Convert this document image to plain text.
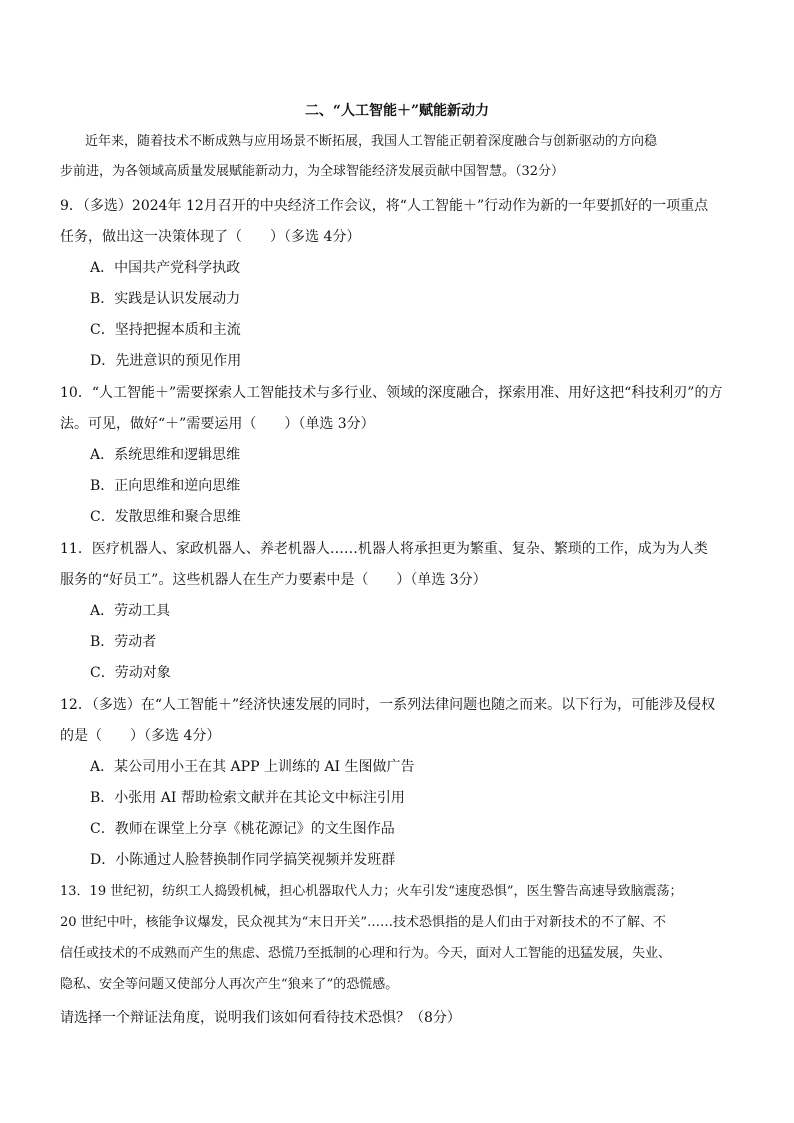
二、“人工智能＋”赋能新动力
近年来，随着技术不断成熟与应用场景不断拓展，我国人工智能正朝着深度融合与创新驱动的方向稳
步前进，为各领域高质量发展赋能新动力，为全球智能经济发展贡献中国智慧。（32分）
9．（多选）2024年 12月召开的中央经济工作会议，将“人工智能＋”行动作为新的一年要抓好的一项重点
任务，做出这一决策体现了（　　）（多选 4分）
A．中国共产党科学执政
B．实践是认识发展动力
C．坚持把握本质和主流
D．先进意识的预见作用
10．“人工智能＋”需要探索人工智能技术与多行业、领域的深度融合，探索用准、用好这把“科技利刃”的方
法。可见，做好“＋”需要运用（　　）（单选 3分）
A．系统思维和逻辑思维
B．正向思维和逆向思维
C．发散思维和聚合思维
11．医疗机器人、家政机器人、养老机器人……机器人将承担更为繁重、复杂、繁琐的工作，成为为人类
服务的“好员工”。这些机器人在生产力要素中是（　　）（单选 3分）
A．劳动工具
B．劳动者
C．劳动对象
12．（多选）在“人工智能＋”经济快速发展的同时，一系列法律问题也随之而来。以下行为，可能涉及侵权
的是（　　）（多选 4分）
A．某公司用小王在其 APP 上训练的 AI 生图做广告
B．小张用 AI 帮助检索文献并在其论文中标注引用
C．教师在课堂上分享《桃花源记》的文生图作品
D．小陈通过人脸替换制作同学搞笑视频并发班群
13．19 世纪初，纺织工人捣毁机械，担心机器取代人力；火车引发“速度恐惧”，医生警告高速导致脑震荡；
20 世纪中叶，核能争议爆发，民众视其为“末日开关”……技术恐惧指的是人们由于对新技术的不了解、不
信任或技术的不成熟而产生的焦虑、恐慌乃至抵制的心理和行为。今天，面对人工智能的迅猛发展，失业、
隐私、安全等问题又使部分人再次产生“狼来了”的恐慌感。
请选择一个辩证法角度，说明我们该如何看待技术恐惧？（8分）
